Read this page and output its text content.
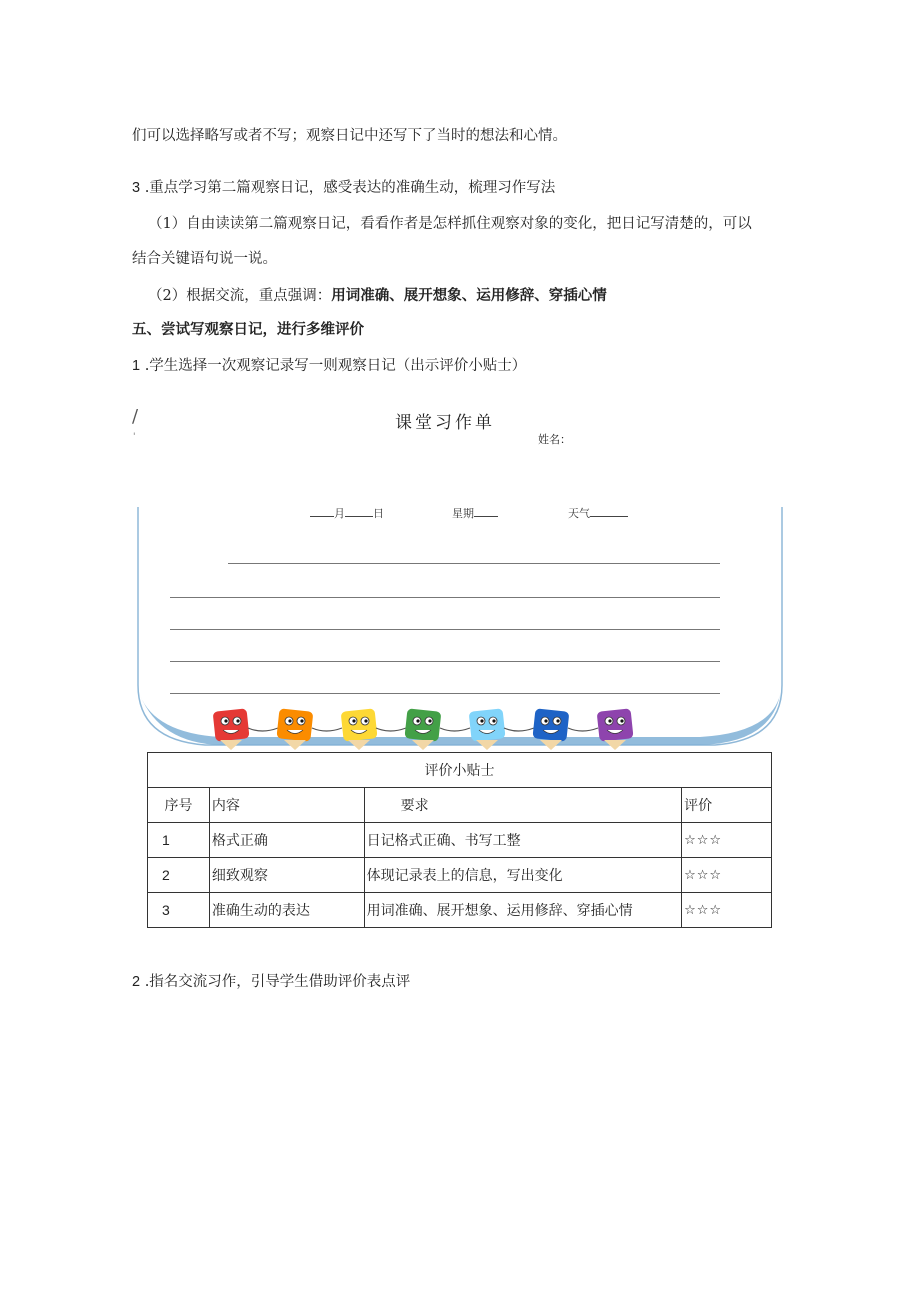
们可以选择略写或者不写；观察日记中还写下了当时的想法和心情。
3 .重点学习第二篇观察日记，感受表达的准确生动，梳理习作写法
（1）自由读读第二篇观察日记，看看作者是怎样抓住观察对象的变化，把日记写清楚的，可以
结合关键语句说一说。
（2）根据交流，重点强调：用词准确、展开想象、运用修辞、穿插心情
五、尝试写观察日记，进行多维评价
1 .学生选择一次观察记录写一则观察日记（出示评价小贴士）
/
'
课堂习作单
姓名：
月	日	星期	天气
评价小贴士			
序号	内容	要求	评价
1	格式正确	日记格式正确、书写工整	☆☆☆
2	细致观察	体现记录表上的信息，写出变化	☆☆☆
3	准确生动的表达	用词准确、展开想象、运用修辞、穿插心情	☆☆☆
2 .指名交流习作，引导学生借助评价表点评
